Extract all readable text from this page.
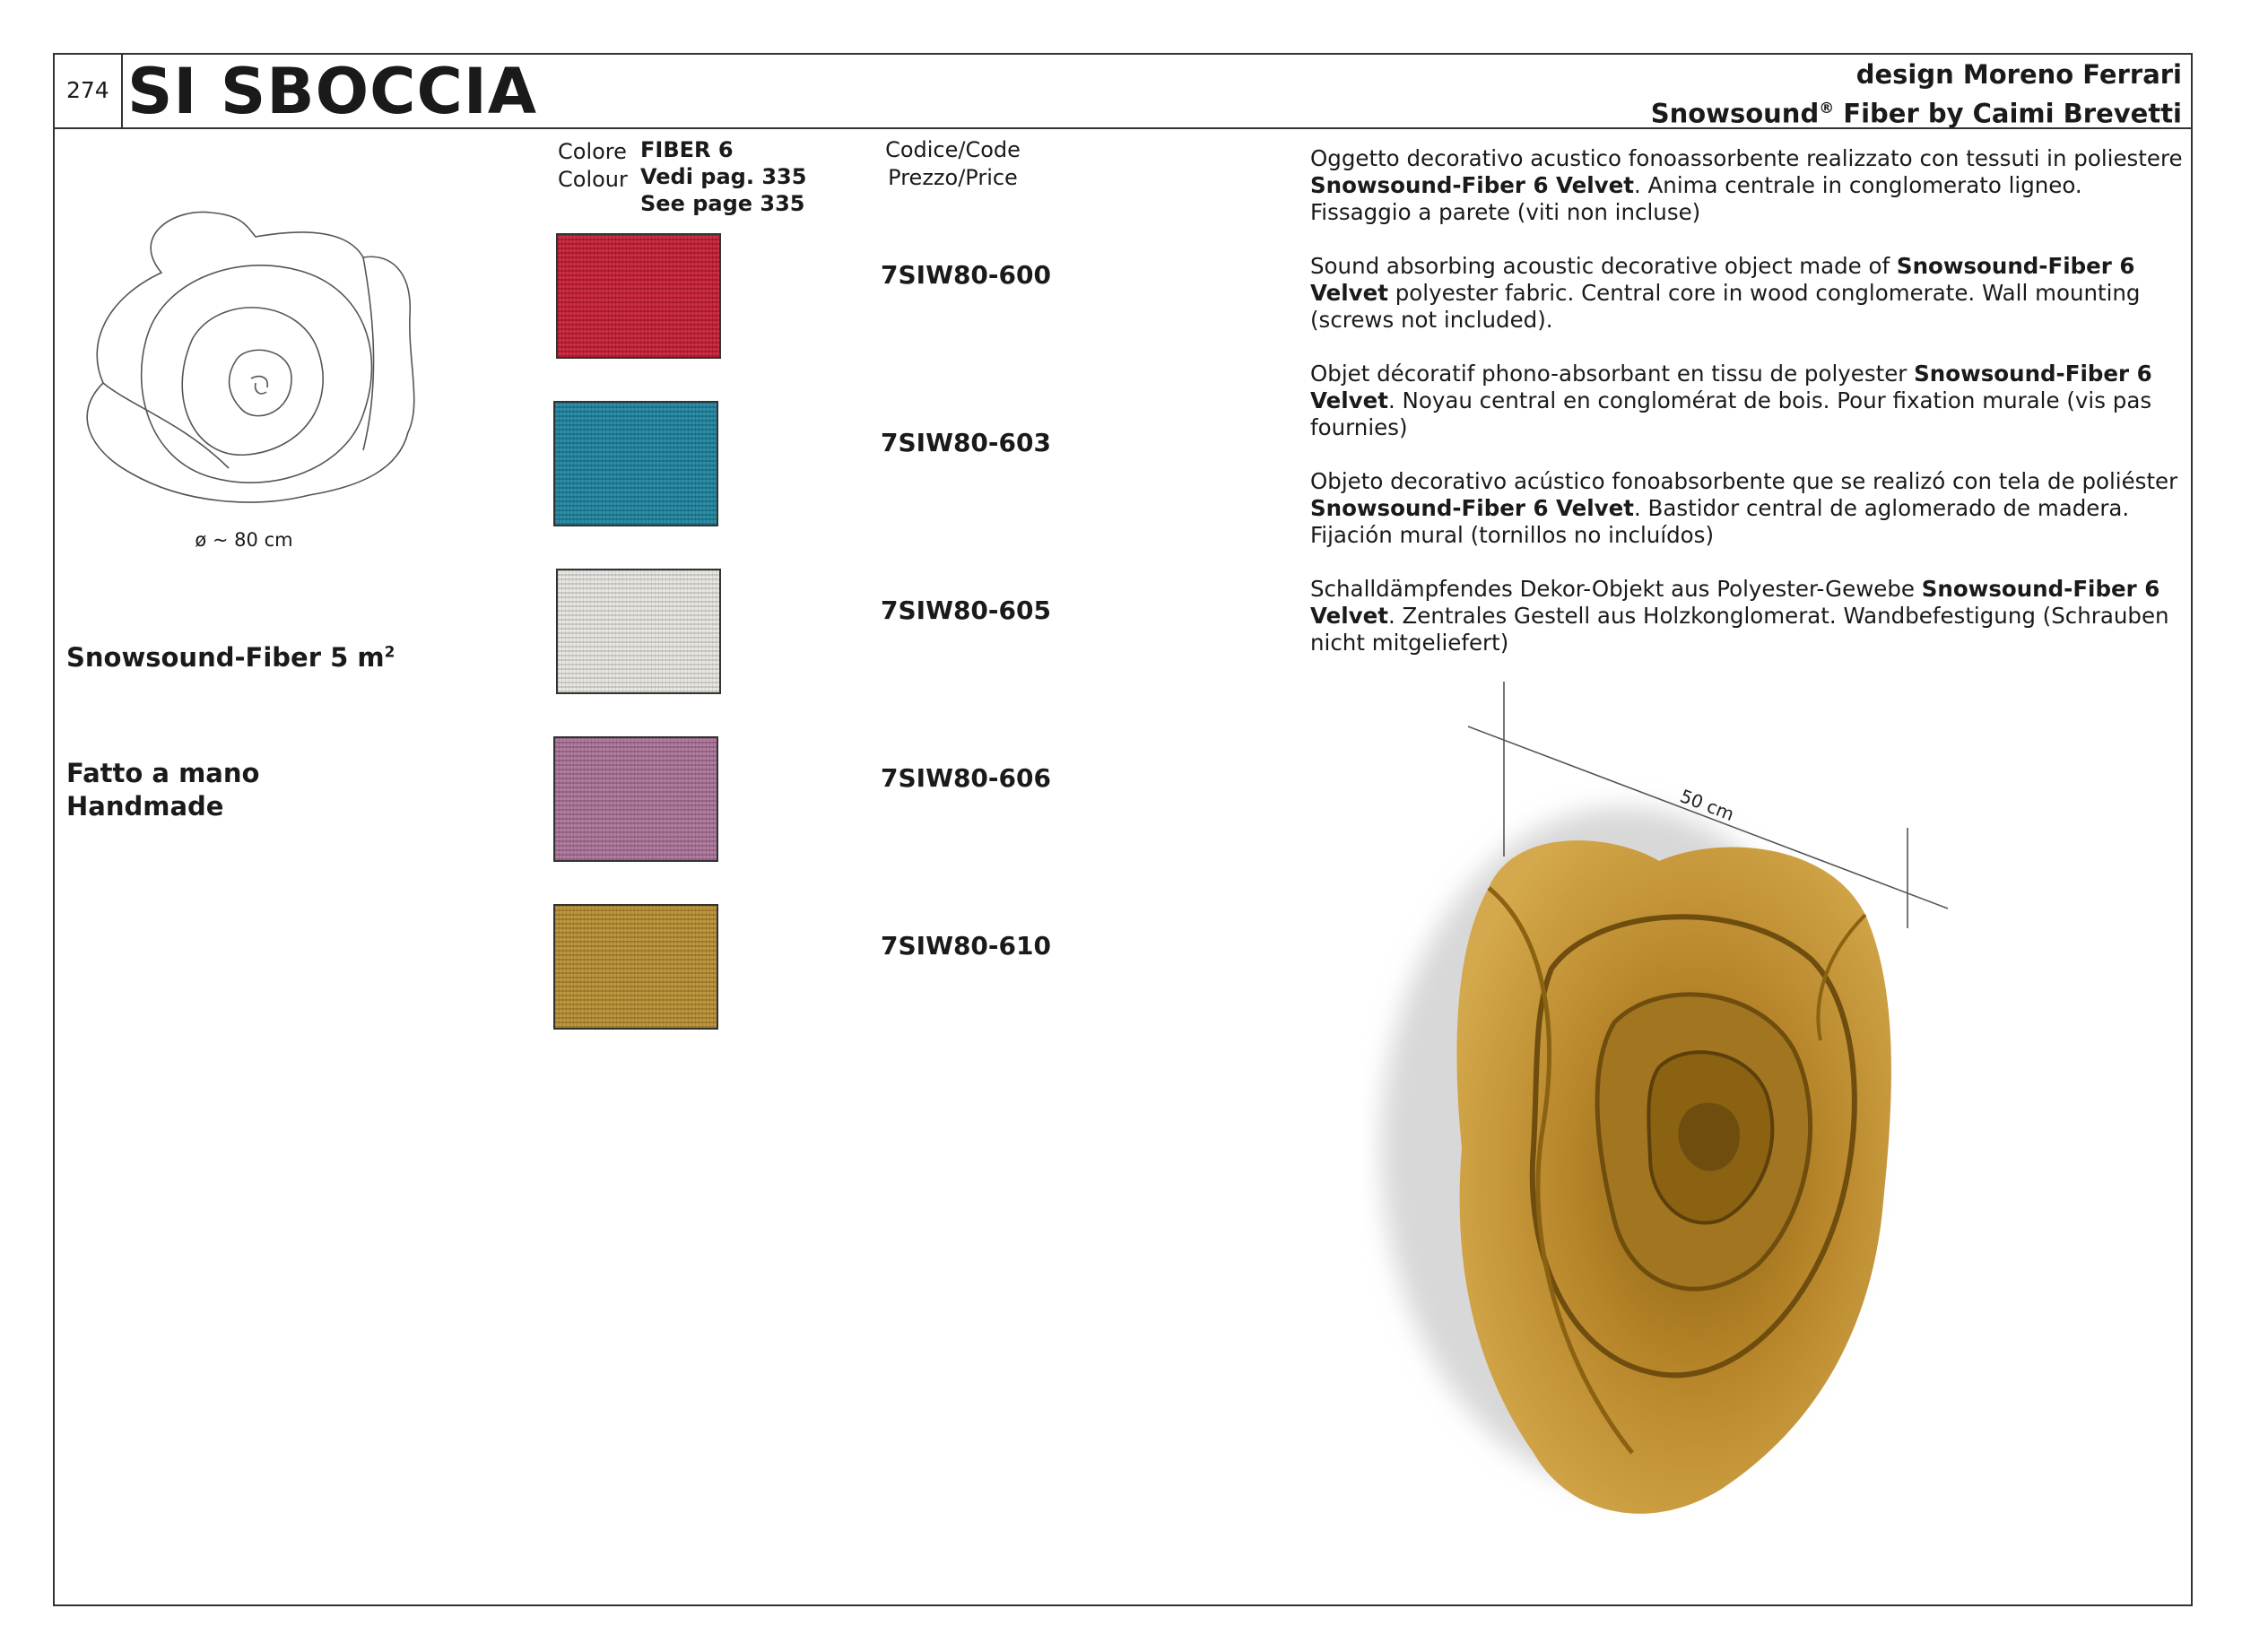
274 SI SBOCCIA	design Moreno Ferrari
Snowsound® Fiber by Caimi Brevetti
ø ~ 80 cm
Snowsound-Fiber 5 $m^2$
Fatto a mano
Handmade
Colore
Colour
FIBER 6
Vedi pag. 335
See page 335
Codice/Code
Prezzo/Price
7SIW80-600
7SIW80-603
7SIW80-605
7SIW80-606
7SIW80-610

Oggetto decorativo acustico fonoassorbente realizzato con tessuti in poliestere Snowsound-Fiber 6 Velvet. Anima centrale in conglomerato ligneo. Fissaggio a parete (viti non incluse)

Sound absorbing acoustic decorative object made of Snowsound-Fiber 6 Velvet polyester fabric. Central core in wood conglomerate. Wall mounting (screws not included).

Objet décoratif phono-absorbant en tissu de polyester Snowsound-Fiber 6 Velvet. Noyau central en conglomérat de bois. Pour fixation murale (vis pas fournies)

Objeto decorativo acústico fonoabsorbente que se realizó con tela de poliéster Snowsound-Fiber 6 Velvet. Bastidor central de aglomerado de madera. Fijación mural (tornillos no incluídos)

Schalldämpfendes Dekor-Objekt aus Polyester-Gewebe Snowsound-Fiber 6 Velvet. Zentrales Gestell aus Holzkonglomerat. Wandbefestigung (Schrauben nicht mitgeliefert)

50 cm
